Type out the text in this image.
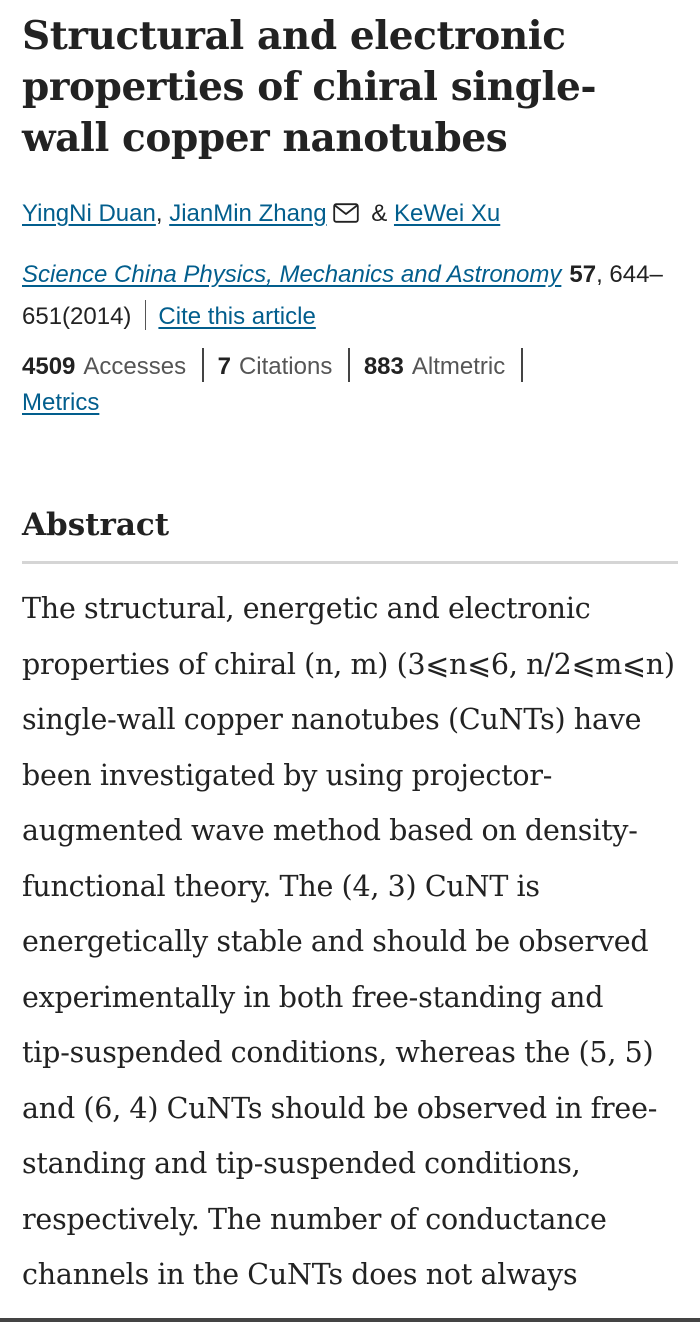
Structural and electronic properties of chiral single-wall copper nanotubes
YingNi Duan, JianMin Zhang & KeWei Xu
Science China Physics, Mechanics and Astronomy 57, 644–651(2014) Cite this article
4509 Accesses 7 Citations 883 Altmetric
Metrics
Abstract
The structural, energetic and electronic
properties of chiral (n, m) (3⩽n⩽6, n/2⩽m⩽n)
single-wall copper nanotubes (CuNTs) have
been investigated by using projector-
augmented wave method based on density-
functional theory. The (4, 3) CuNT is
energetically stable and should be observed
experimentally in both free-standing and
tip-suspended conditions, whereas the (5, 5)
and (6, 4) CuNTs should be observed in free-
standing and tip-suspended conditions,
respectively. The number of conductance
channels in the CuNTs does not always
